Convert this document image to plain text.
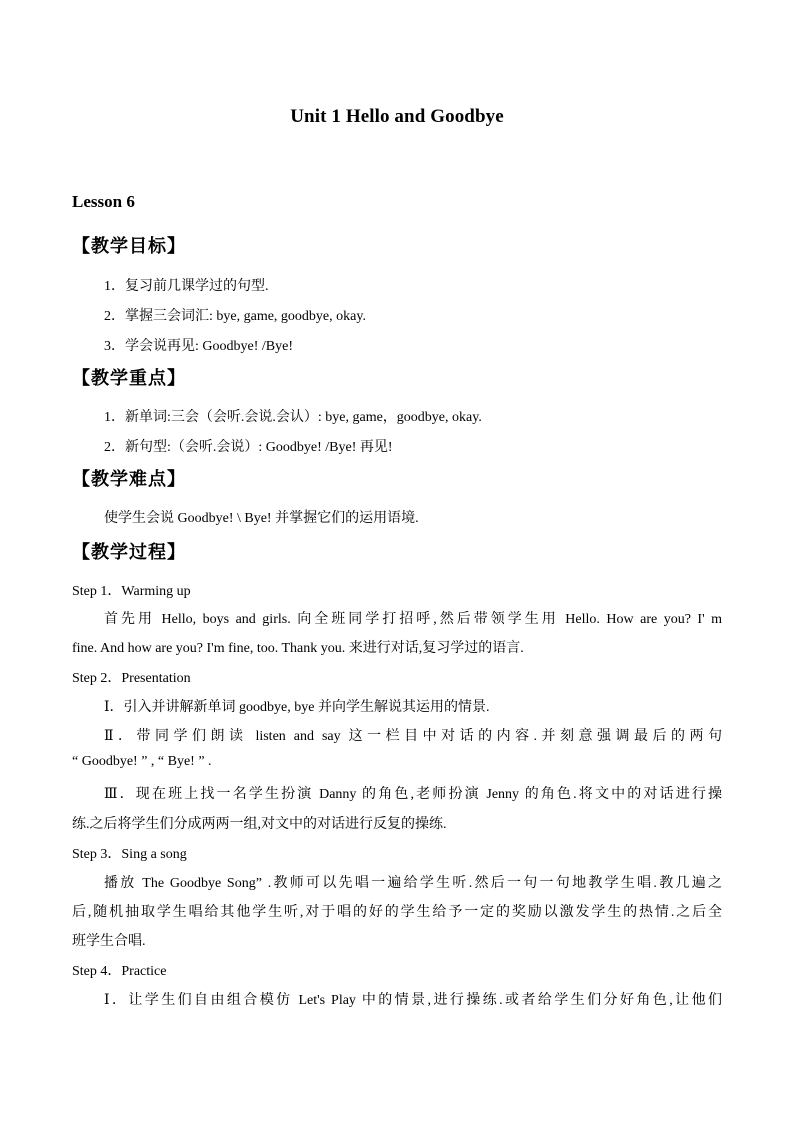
Unit 1 Hello and Goodbye
Lesson 6
【教学目标】
1．复习前几课学过的句型.
2．掌握三会词汇: bye, game, goodbye, okay.
3．学会说再见: Goodbye! /Bye!
【教学重点】
1．新单词:三会（会听.会说.会认）: bye, game，goodbye, okay.
2．新句型:（会听.会说）: Goodbye! /Bye! 再见!
【教学难点】
使学生会说 Goodbye! \ Bye! 并掌握它们的运用语境.
【教学过程】
Step 1．Warming up
首先用 Hello, boys and girls. 向全班同学打招呼,然后带领学生用 Hello. How are you? I' m
fine. And how are you? I'm fine, too. Thank you. 来进行对话,复习学过的语言.
Step 2．Presentation
Ⅰ．引入并讲解新单词 goodbye, bye 并向学生解说其运用的情景.
Ⅱ．带同学们朗读 listen and say 这一栏目中对话的内容.并刻意强调最后的两句
“ Goodbye! ” , “ Bye! ” .
Ⅲ．现在班上找一名学生扮演 Danny 的角色,老师扮演 Jenny 的角色.将文中的对话进行操
练.之后将学生们分成两两一组,对文中的对话进行反复的操练.
Step 3．Sing a song
播放 The Goodbye Song” .教师可以先唱一遍给学生听.然后一句一句地教学生唱.教几遍之
后,随机抽取学生唱给其他学生听,对于唱的好的学生给予一定的奖励以激发学生的热情.之后全
班学生合唱.
Step 4．Practice
Ⅰ．让学生们自由组合模仿 Let's Play 中的情景,进行操练.或者给学生们分好角色,让他们
